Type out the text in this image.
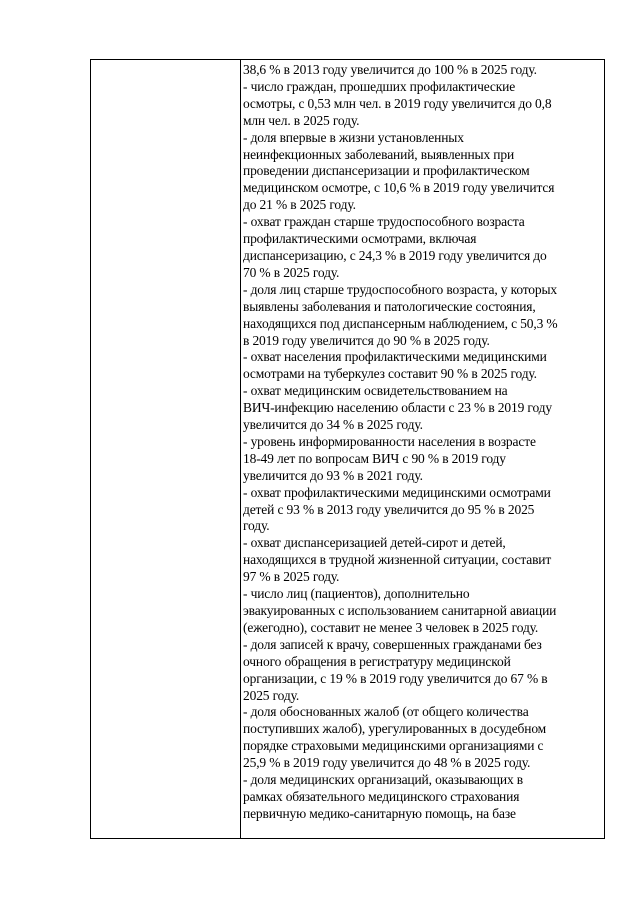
38,6 % в 2013 году увеличится до 100 % в 2025 году.
- число граждан, прошедших профилактические
осмотры, с 0,53 млн чел. в 2019 году увеличится до 0,8
млн чел. в 2025 году.
- доля впервые в жизни установленных
неинфекционных заболеваний, выявленных при
проведении диспансеризации и профилактическом
медицинском осмотре, с 10,6 % в 2019 году увеличится
до 21 % в 2025 году.
- охват граждан старше трудоспособного возраста
профилактическими осмотрами, включая
диспансеризацию, с 24,3 % в 2019 году увеличится до
70 % в 2025 году.
- доля лиц старше трудоспособного возраста, у которых
выявлены заболевания и патологические состояния,
находящихся под диспансерным наблюдением, с 50,3 %
в 2019 году увеличится до 90 % в 2025 году.
- охват населения профилактическими медицинскими
осмотрами на туберкулез составит 90 % в 2025 году.
- охват медицинским освидетельствованием на
ВИЧ-инфекцию населению области с 23 % в 2019 году
увеличится до 34 % в 2025 году.
- уровень информированности населения в возрасте
18-49 лет по вопросам ВИЧ с 90 % в 2019 году
увеличится до 93 % в 2021 году.
- охват профилактическими медицинскими осмотрами
детей с 93 % в 2013 году увеличится до 95 % в 2025
году.
- охват диспансеризацией детей-сирот и детей,
находящихся в трудной жизненной ситуации, составит
97 % в 2025 году.
- число лиц (пациентов), дополнительно
эвакуированных с использованием санитарной авиации
(ежегодно), составит не менее 3 человек в 2025 году.
- доля записей к врачу, совершенных гражданами без
очного обращения в регистратуру медицинской
организации, с 19 % в 2019 году увеличится до 67 % в
2025 году.
- доля обоснованных жалоб (от общего количества
поступивших жалоб), урегулированных в досудебном
порядке страховыми медицинскими организациями с
25,9 % в 2019 году увеличится до 48 % в 2025 году.
- доля медицинских организаций, оказывающих в
рамках обязательного медицинского страхования
первичную медико-санитарную помощь, на базе
